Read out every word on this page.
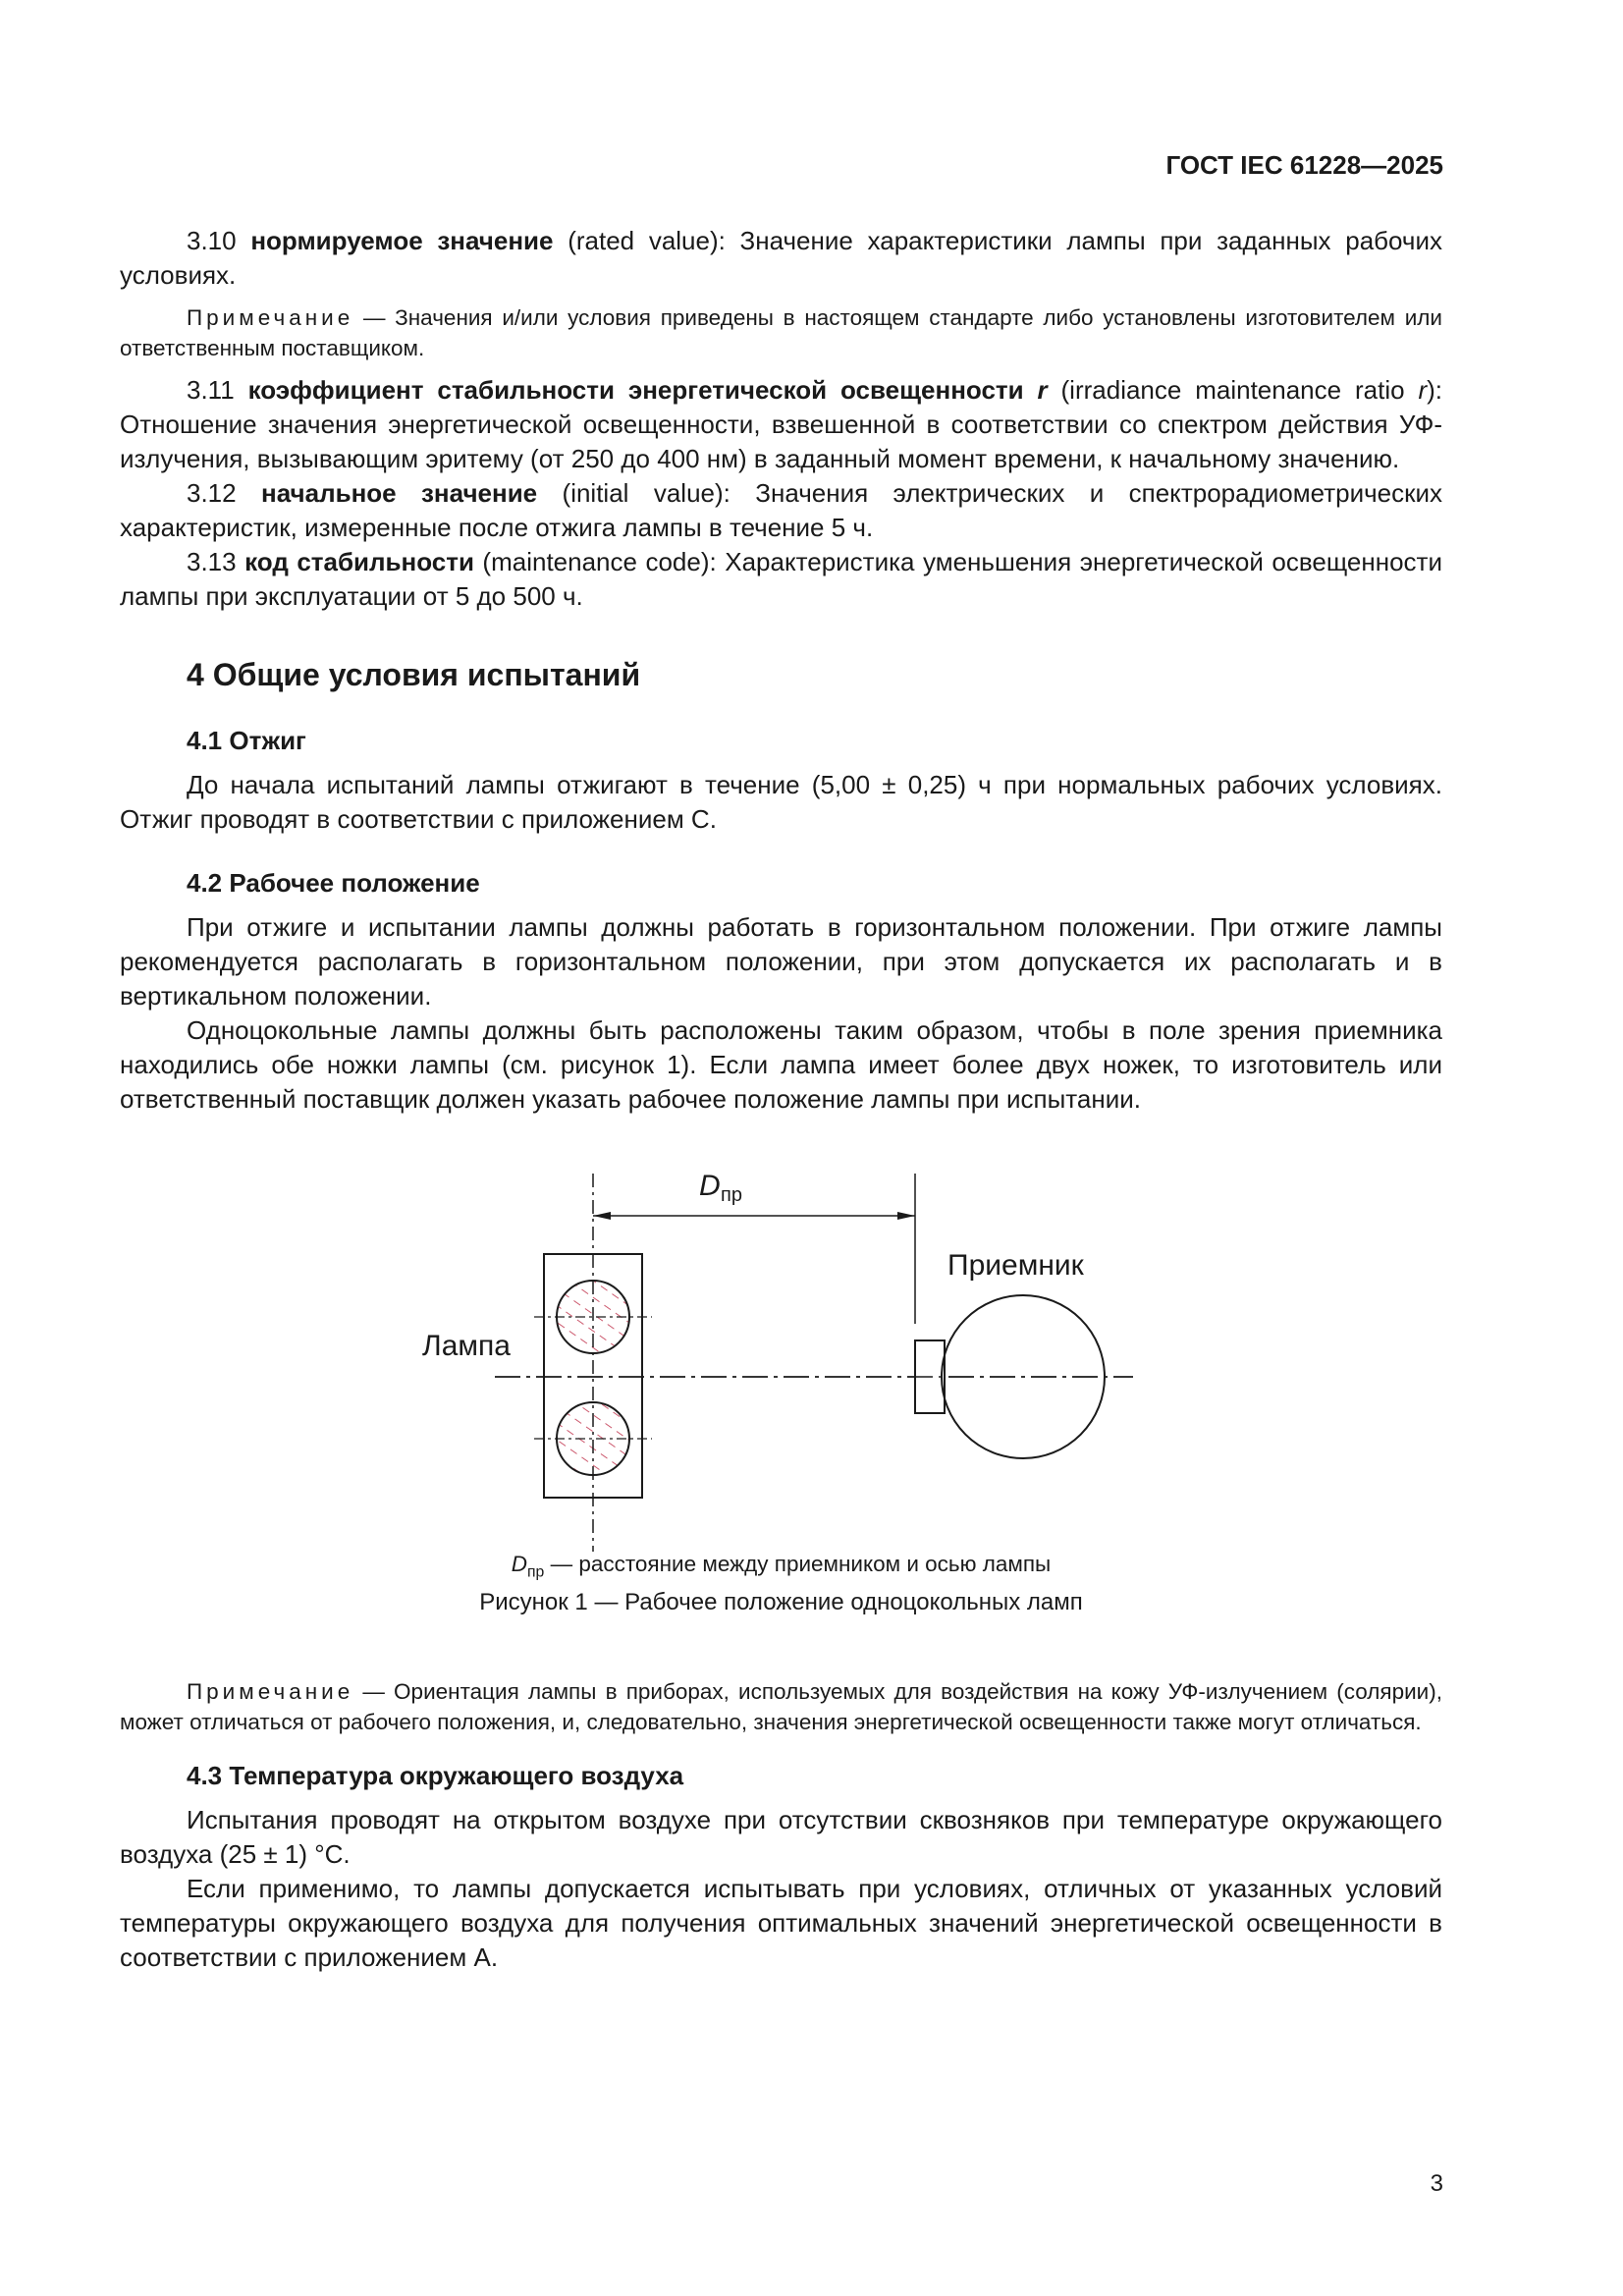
ГОСТ IEC 61228—2025

3.10 нормируемое значение (rated value): Значение характеристики лампы при заданных рабочих условиях.

Примечание — Значения и/или условия приведены в настоящем стандарте либо установлены изготовителем или ответственным поставщиком.

3.11 коэффициент стабильности энергетической освещенности r (irradiance maintenance ratio r): Отношение значения энергетической освещенности, взвешенной в соответствии со спектром действия УФ-излучения, вызывающим эритему (от 250 до 400 нм) в заданный момент времени, к начальному значению.

3.12 начальное значение (initial value): Значения электрических и спектрорадиометрических характеристик, измеренные после отжига лампы в течение 5 ч.

3.13 код стабильности (maintenance code): Характеристика уменьшения энергетической освещенности лампы при эксплуатации от 5 до 500 ч.

4 Общие условия испытаний
4.1 Отжиг

До начала испытаний лампы отжигают в течение (5,00 ± 0,25) ч при нормальных рабочих условиях. Отжиг проводят в соответствии с приложением С.

4.2 Рабочее положение

При отжиге и испытании лампы должны работать в горизонтальном положении. При отжиге лампы рекомендуется располагать в горизонтальном положении, при этом допускается их располагать и в вертикальном положении.

Одноцокольные лампы должны быть расположены таким образом, чтобы в поле зрения приемника находились обе ножки лампы (см. рисунок 1). Если лампа имеет более двух ножек, то изготовитель или ответственный поставщик должен указать рабочее положение лампы при испытании.

D пр
Приемник
Лампа
$D_{пр}$ — расстояние между приемником и осью лампы
Рисунок 1 — Рабочее положение одноцокольных ламп

Примечание — Ориентация лампы в приборах, используемых для воздействия на кожу УФ-излучением (солярии), может отличаться от рабочего положения, и, следовательно, значения энергетической освещенности также могут отличаться.

4.3 Температура окружающего воздуха

Испытания проводят на открытом воздухе при отсутствии сквозняков при температуре окружающего воздуха (25 ± 1) °С.

Если применимо, то лампы допускается испытывать при условиях, отличных от указанных условий температуры окружающего воздуха для получения оптимальных значений энергетической освещенности в соответствии с приложением А.

3
